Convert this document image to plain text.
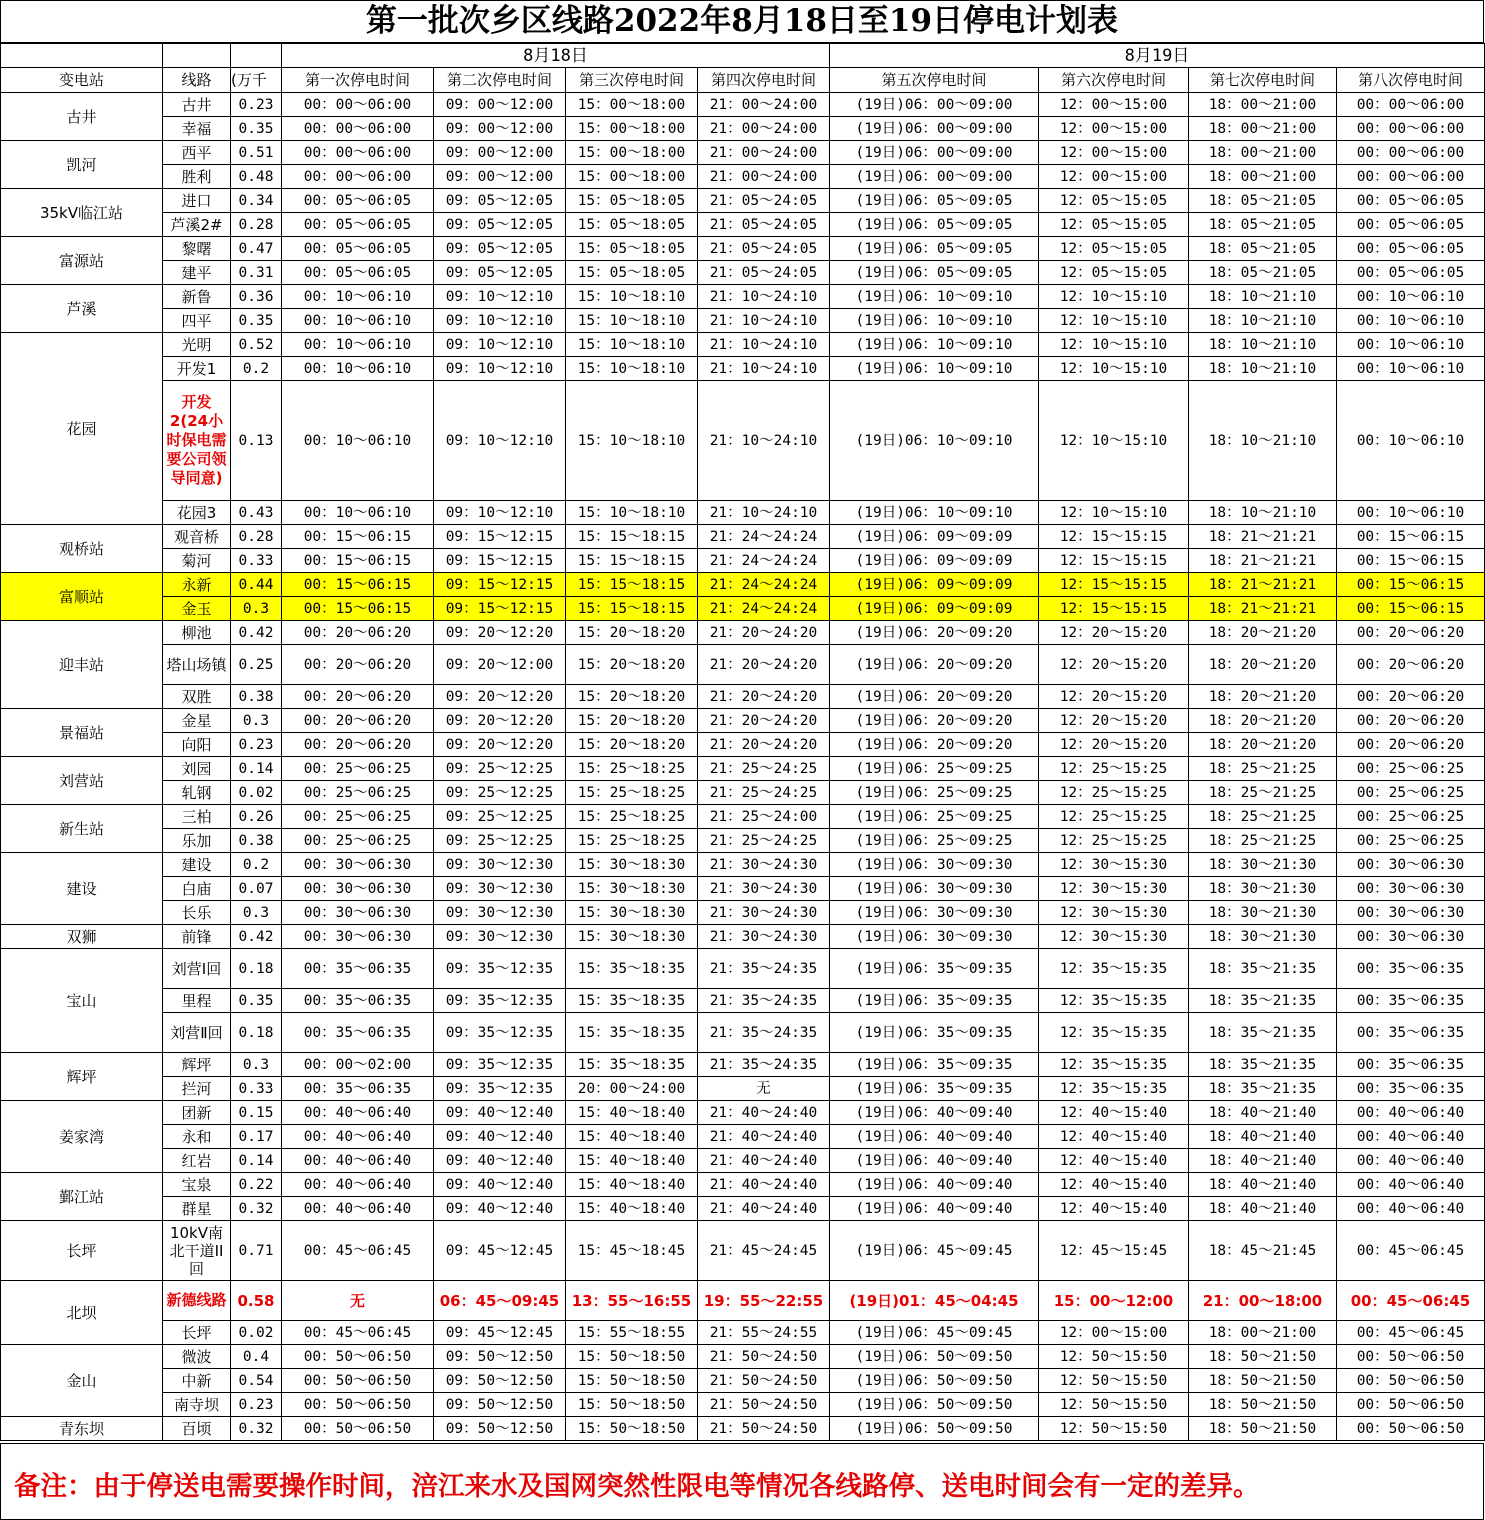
第一批次乡区线路2022年8月18日至19日停电计划表
			8月18日				8月19日			
变电站	线路	(万千	第一次停电时间	第二次停电时间	第三次停电时间	第四次停电时间	第五次停电时间	第六次停电时间	第七次停电时间	第八次停电时间
古井	古井	0.23	00：00～06:00	09：00～12:00	15：00～18:00	21：00～24:00	(19日)06：00～09:00	12：00～15:00	18：00～21:00	00：00～06:00
	幸福	0.35	00：00～06:00	09：00～12:00	15：00～18:00	21：00～24:00	(19日)06：00～09:00	12：00～15:00	18：00～21:00	00：00～06:00
凯河	西平	0.51	00：00～06:00	09：00～12:00	15：00～18:00	21：00～24:00	(19日)06：00～09:00	12：00～15:00	18：00～21:00	00：00～06:00
	胜利	0.48	00：00～06:00	09：00～12:00	15：00～18:00	21：00～24:00	(19日)06：00～09:00	12：00～15:00	18：00～21:00	00：00～06:00
35kV临江站	进口	0.34	00：05～06:05	09：05～12:05	15：05～18:05	21：05～24:05	(19日)06：05～09:05	12：05～15:05	18：05～21:05	00：05～06:05
	芦溪2#	0.28	00：05～06:05	09：05～12:05	15：05～18:05	21：05～24:05	(19日)06：05～09:05	12：05～15:05	18：05～21:05	00：05～06:05
富源站	黎曙	0.47	00：05～06:05	09：05～12:05	15：05～18:05	21：05～24:05	(19日)06：05～09:05	12：05～15:05	18：05～21:05	00：05～06:05
	建平	0.31	00：05～06:05	09：05～12:05	15：05～18:05	21：05～24:05	(19日)06：05～09:05	12：05～15:05	18：05～21:05	00：05～06:05
芦溪	新鲁	0.36	00：10～06:10	09：10～12:10	15：10～18:10	21：10～24:10	(19日)06：10～09:10	12：10～15:10	18：10～21:10	00：10～06:10
	四平	0.35	00：10～06:10	09：10～12:10	15：10～18:10	21：10～24:10	(19日)06：10～09:10	12：10～15:10	18：10～21:10	00：10～06:10
花园	光明	0.52	00：10～06:10	09：10～12:10	15：10～18:10	21：10～24:10	(19日)06：10～09:10	12：10～15:10	18：10～21:10	00：10～06:10
	开发1	0.2	00：10～06:10	09：10～12:10	15：10～18:10	21：10～24:10	(19日)06：10～09:10	12：10～15:10	18：10～21:10	00：10～06:10
	开发2(24小时保电需要公司领导同意)	0.13	00：10～06:10	09：10～12:10	15：10～18:10	21：10～24:10	(19日)06：10～09:10	12：10～15:10	18：10～21:10	00：10～06:10
	花园3	0.43	00：10～06:10	09：10～12:10	15：10～18:10	21：10～24:10	(19日)06：10～09:10	12：10～15:10	18：10～21:10	00：10～06:10
观桥站	观音桥	0.28	00：15～06:15	09：15～12:15	15：15～18:15	21：24～24:24	(19日)06：09～09:09	12：15～15:15	18：21～21:21	00：15～06:15
	菊河	0.33	00：15～06:15	09：15～12:15	15：15～18:15	21：24～24:24	(19日)06：09～09:09	12：15～15:15	18：21～21:21	00：15～06:15
富顺站	永新	0.44	00：15～06:15	09：15～12:15	15：15～18:15	21：24～24:24	(19日)06：09～09:09	12：15～15:15	18：21～21:21	00：15～06:15
	金玉	0.3	00：15～06:15	09：15～12:15	15：15～18:15	21：24～24:24	(19日)06：09～09:09	12：15～15:15	18：21～21:21	00：15～06:15
迎丰站	柳池	0.42	00：20～06:20	09：20～12:20	15：20～18:20	21：20～24:20	(19日)06：20～09:20	12：20～15:20	18：20～21:20	00：20～06:20
	塔山场镇	0.25	00：20～06:20	09：20～12:00	15：20～18:20	21：20～24:20	(19日)06：20～09:20	12：20～15:20	18：20～21:20	00：20～06:20
	双胜	0.38	00：20～06:20	09：20～12:20	15：20～18:20	21：20～24:20	(19日)06：20～09:20	12：20～15:20	18：20～21:20	00：20～06:20
景福站	金星	0.3	00：20～06:20	09：20～12:20	15：20～18:20	21：20～24:20	(19日)06：20～09:20	12：20～15:20	18：20～21:20	00：20～06:20
	向阳	0.23	00：20～06:20	09：20～12:20	15：20～18:20	21：20～24:20	(19日)06：20～09:20	12：20～15:20	18：20～21:20	00：20～06:20
刘营站	刘园	0.14	00：25～06:25	09：25～12:25	15：25～18:25	21：25～24:25	(19日)06：25～09:25	12：25～15:25	18：25～21:25	00：25～06:25
	轧钢	0.02	00：25～06:25	09：25～12:25	15：25～18:25	21：25～24:25	(19日)06：25～09:25	12：25～15:25	18：25～21:25	00：25～06:25
新生站	三柏	0.26	00：25～06:25	09：25～12:25	15：25～18:25	21：25～24:00	(19日)06：25～09:25	12：25～15:25	18：25～21:25	00：25～06:25
	乐加	0.38	00：25～06:25	09：25～12:25	15：25～18:25	21：25～24:25	(19日)06：25～09:25	12：25～15:25	18：25～21:25	00：25～06:25
建设	建设	0.2	00：30～06:30	09：30～12:30	15：30～18:30	21：30～24:30	(19日)06：30～09:30	12：30～15:30	18：30～21:30	00：30～06:30
	白庙	0.07	00：30～06:30	09：30～12:30	15：30～18:30	21：30～24:30	(19日)06：30～09:30	12：30～15:30	18：30～21:30	00：30～06:30
	长乐	0.3	00：30～06:30	09：30～12:30	15：30～18:30	21：30～24:30	(19日)06：30～09:30	12：30～15:30	18：30～21:30	00：30～06:30
双狮	前锋	0.42	00：30～06:30	09：30～12:30	15：30～18:30	21：30～24:30	(19日)06：30～09:30	12：30～15:30	18：30～21:30	00：30～06:30
宝山	刘营Ⅰ回	0.18	00：35～06:35	09：35～12:35	15：35～18:35	21：35～24:35	(19日)06：35～09:35	12：35～15:35	18：35～21:35	00：35～06:35
	里程	0.35	00：35～06:35	09：35～12:35	15：35～18:35	21：35～24:35	(19日)06：35～09:35	12：35～15:35	18：35～21:35	00：35～06:35
	刘营Ⅱ回	0.18	00：35～06:35	09：35～12:35	15：35～18:35	21：35～24:35	(19日)06：35～09:35	12：35～15:35	18：35～21:35	00：35～06:35
辉坪	辉坪	0.3	00：00～02:00	09：35～12:35	15：35～18:35	21：35～24:35	(19日)06：35～09:35	12：35～15:35	18：35～21:35	00：35～06:35
	拦河	0.33	00：35～06:35	09：35～12:35	20：00～24:00	无	(19日)06：35～09:35	12：35～15:35	18：35～21:35	00：35～06:35
姜家湾	团新	0.15	00：40～06:40	09：40～12:40	15：40～18:40	21：40～24:40	(19日)06：40～09:40	12：40～15:40	18：40～21:40	00：40～06:40
	永和	0.17	00：40～06:40	09：40～12:40	15：40～18:40	21：40～24:40	(19日)06：40～09:40	12：40～15:40	18：40～21:40	00：40～06:40
	红岩	0.14	00：40～06:40	09：40～12:40	15：40～18:40	21：40～24:40	(19日)06：40～09:40	12：40～15:40	18：40～21:40	00：40～06:40
鄞江站	宝泉	0.22	00：40～06:40	09：40～12:40	15：40～18:40	21：40～24:40	(19日)06：40～09:40	12：40～15:40	18：40～21:40	00：40～06:40
	群星	0.32	00：40～06:40	09：40～12:40	15：40～18:40	21：40～24:40	(19日)06：40～09:40	12：40～15:40	18：40～21:40	00：40～06:40
长坪	10kV南北干道II回	0.71	00：45～06:45	09：45～12:45	15：45～18:45	21：45～24:45	(19日)06：45～09:45	12：45～15:45	18：45～21:45	00：45～06:45
北坝	新德线路	0.58	无	06：45～09:45	13：55～16:55	19：55～22:55	(19日)01：45～04:45	15：00～12:00	21：00～18:00	00：45～06:45
	长坪	0.02	00：45～06:45	09：45～12:45	15：55～18:55	21：55～24:55	(19日)06：45～09:45	12：00～15:00	18：00～21:00	00：45～06:45
金山	微波	0.4	00：50～06:50	09：50～12:50	15：50～18:50	21：50～24:50	(19日)06：50～09:50	12：50～15:50	18：50～21:50	00：50～06:50
	中新	0.54	00：50～06:50	09：50～12:50	15：50～18:50	21：50～24:50	(19日)06：50～09:50	12：50～15:50	18：50～21:50	00：50～06:50
	南寺坝	0.23	00：50～06:50	09：50～12:50	15：50～18:50	21：50～24:50	(19日)06：50～09:50	12：50～15:50	18：50～21:50	00：50～06:50
青东坝	百顷	0.32	00：50～06:50	09：50～12:50	15：50～18:50	21：50～24:50	(19日)06：50～09:50	12：50～15:50	18：50～21:50	00：50～06:50
备注：由于停送电需要操作时间，涪江来水及国网突然性限电等情况各线路停、送电时间会有一定的差异。
